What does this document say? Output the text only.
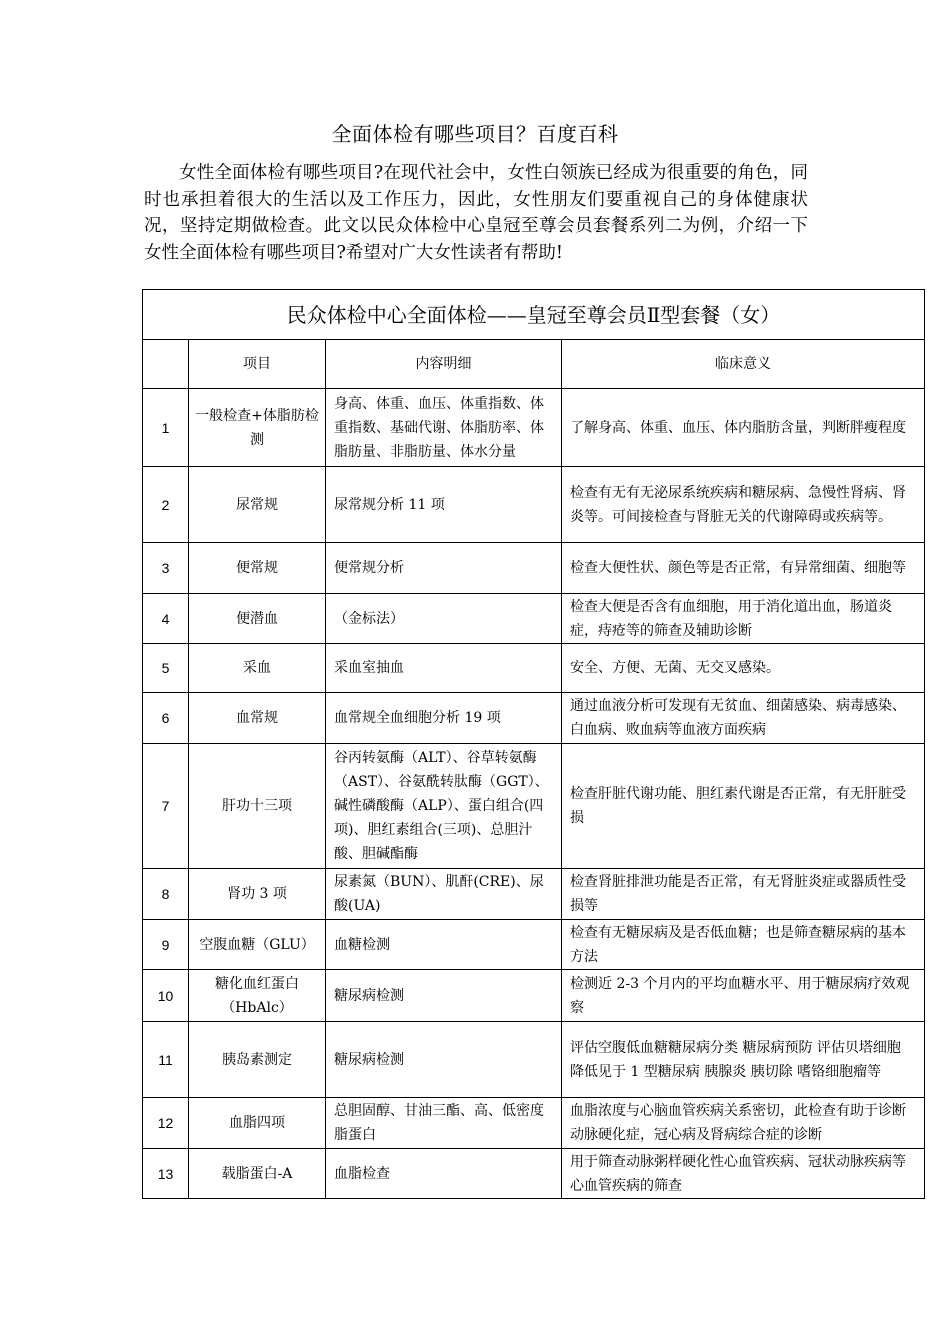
全面体检有哪些项目？百度百科
女性全面体检有哪些项目?在现代社会中，女性白领族已经成为很重要的角色，同时也承担着很大的生活以及工作压力，因此，女性朋友们要重视自己的身体健康状况，坚持定期做检查。此文以民众体检中心皇冠至尊会员套餐系列二为例，介绍一下女性全面体检有哪些项目?希望对广大女性读者有帮助!
民众体检中心全面体检——皇冠至尊会员Ⅱ型套餐（女）			
	项目	内容明细	临床意义
1	一般检查+体脂肪检测	身高、体重、血压、体重指数、体重指数、基础代谢、体脂肪率、体脂肪量、非脂肪量、体水分量	了解身高、体重、血压、体内脂肪含量，判断胖瘦程度
2	尿常规	尿常规分析 11 项	检查有无有无泌尿系统疾病和糖尿病、急慢性肾病、肾炎等。可间接检查与肾脏无关的代谢障碍或疾病等。
3	便常规	便常规分析	检查大便性状、颜色等是否正常，有异常细菌、细胞等
4	便潜血	（金标法）	检查大便是否含有血细胞，用于消化道出血，肠道炎症，痔疮等的筛查及辅助诊断
5	采血	采血室抽血	安全、方便、无菌、无交叉感染。
6	血常规	血常规全血细胞分析 19 项	通过血液分析可发现有无贫血、细菌感染、病毒感染、白血病、败血病等血液方面疾病
7	肝功十三项	谷丙转氨酶（ALT）、谷草转氨酶（AST）、谷氨酰转肽酶（GGT）、碱性磷酸酶（ALP）、蛋白组合(四项)、胆红素组合(三项)、总胆汁酸、胆碱酯酶	检查肝脏代谢功能、胆红素代谢是否正常，有无肝脏受损
8	肾功 3 项	尿素氮（BUN）、肌酐(CRE)、尿酸(UA)	检查肾脏排泄功能是否正常，有无肾脏炎症或器质性受损等
9	空腹血糖（GLU）	血糖检测	检查有无糖尿病及是否低血糖；也是筛查糖尿病的基本方法
10	糖化血红蛋白（HbAlc）	糖尿病检测	检测近 2-3 个月内的平均血糖水平、用于糖尿病疗效观察
11	胰岛素测定	糖尿病检测	评估空腹低血糖糖尿病分类 糖尿病预防 评估贝塔细胞 降低见于 1 型糖尿病 胰腺炎 胰切除 嗜铬细胞瘤等
12	血脂四项	总胆固醇、甘油三酯、高、低密度脂蛋白	血脂浓度与心脑血管疾病关系密切，此检查有助于诊断动脉硬化症，冠心病及肾病综合症的诊断
13	载脂蛋白-A	血脂检查	用于筛查动脉粥样硬化性心血管疾病、冠状动脉疾病等心血管疾病的筛查
